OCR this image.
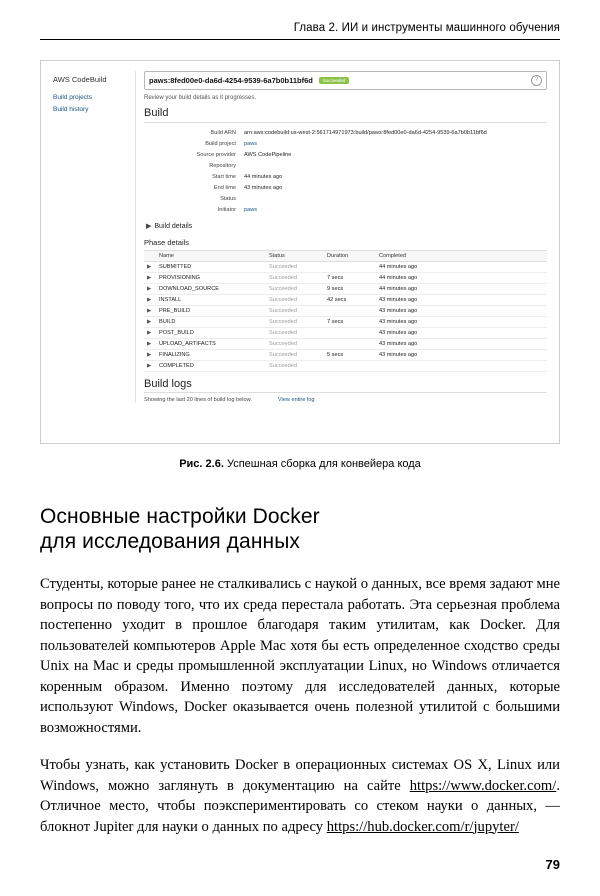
Глава 2. ИИ и инструменты машинного обучения
AWS CodeBuild
Build projects
Build history
paws:8fed00e0-da6d-4254-9539-6a7b0b11bf6d	Succeeded	?
Review your build details as it progresses.
Build
Build ARN	arn:aws:codebuild:us-west-2:561714971973:build/paws:8fed00e0-da6d-4254-9539-6a7b0b11bf6d
Build project	paws
Source provider	AWS CodePipeline
Repository
Start time	44 minutes ago
End time	43 minutes ago
Status
Initiator	paws
▶ Build details
Phase details
	Name	Status	Duration	Completed
▶	SUBMITTED	Succeeded		44 minutes ago
▶	PROVISIONING	Succeeded	7 secs	44 minutes ago
▶	DOWNLOAD_SOURCE	Succeeded	9 secs	44 minutes ago
▶	INSTALL	Succeeded	42 secs	43 minutes ago
▶	PRE_BUILD	Succeeded		43 minutes ago
▶	BUILD	Succeeded	7 secs	43 minutes ago
▶	POST_BUILD	Succeeded		43 minutes ago
▶	UPLOAD_ARTIFACTS	Succeeded		43 minutes ago
▶	FINALIZING	Succeeded	5 secs	43 minutes ago
▶	COMPLETED	Succeeded		
Build logs
Showing the last 20 lines of build log below.	View entire log
Рис. 2.6. Успешная сборка для конвейера кода
Основные настройки Docker
для исследования данных

Студенты, которые ранее не сталкивались с наукой о данных, все время задают мне вопросы по поводу того, что их среда перестала работать. Эта серьезная проблема постепенно уходит в прошлое благодаря таким утилитам, как Docker. Для пользователей компьютеров Apple Mac хотя бы есть определенное сходство среды Unix на Mac и среды промышленной эксплуатации Linux, но Windows отличается коренным образом. Именно поэтому для исследователей данных, которые используют Windows, Docker оказывается очень полезной утилитой с большими возможностями.

Чтобы узнать, как установить Docker в операционных системах OS X, Linux или Windows, можно заглянуть в документацию на сайте https://www.docker.com/. Отличное место, чтобы поэкспериментировать со стеком науки о данных, — блокнот Jupiter для науки о данных по адресу https://hub.docker.com/r/jupyter/

79
